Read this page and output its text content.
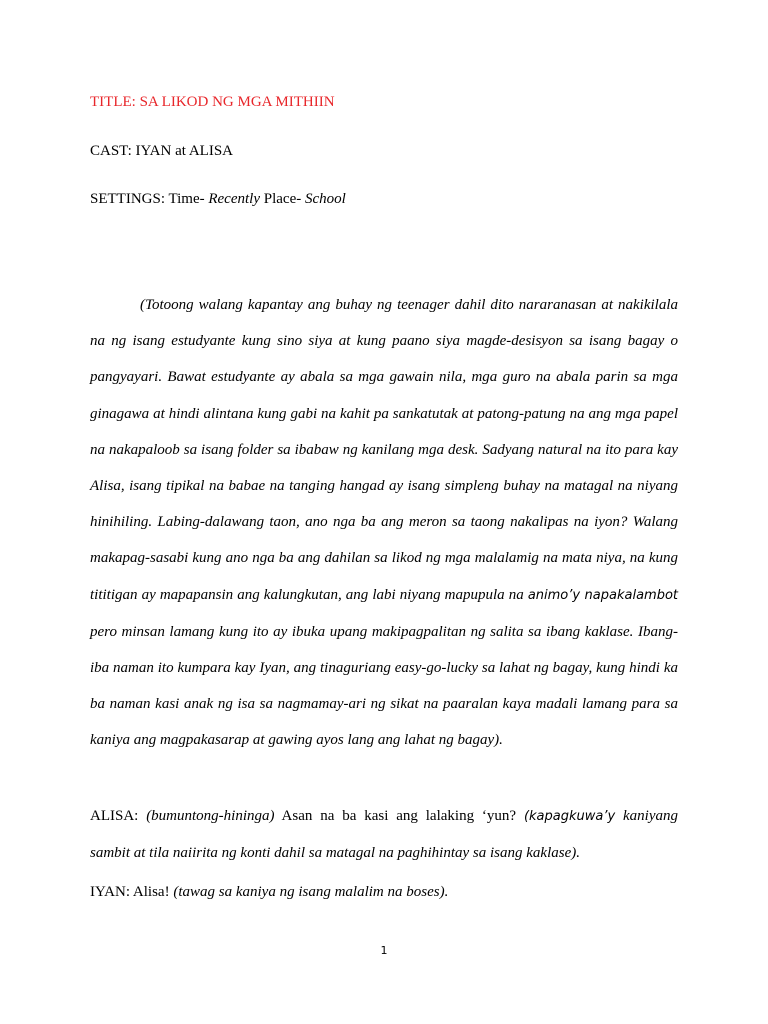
TITLE: SA LIKOD NG MGA MITHIIN

CAST: IYAN at ALISA

SETTINGS: Time- Recently Place- School

(Totoong walang kapantay ang buhay ng teenager dahil dito nararanasan at nakikilala na ng isang estudyante kung sino siya at kung paano siya magde-desisyon sa isang bagay o pangyayari. Bawat estudyante ay abala sa mga gawain nila, mga guro na abala parin sa mga ginagawa at hindi alintana kung gabi na kahit pa sankatutak at patong-patung na ang mga papel na nakapaloob sa isang folder sa ibabaw ng kanilang mga desk. Sadyang natural na ito para kay Alisa, isang tipikal na babae na tanging hangad ay isang simpleng buhay na matagal na niyang hinihiling. Labing-dalawang taon, ano nga ba ang meron sa taong nakalipas na iyon? Walang makapag-sasabi kung ano nga ba ang dahilan sa likod ng mga malalamig na mata niya, na kung tititigan ay mapapansin ang kalungkutan, ang labi niyang mapupula na animo’y napakalambot pero minsan lamang kung ito ay ibuka upang makipagpalitan ng salita sa ibang kaklase. Ibang-iba naman ito kumpara kay Iyan, ang tinaguriang easy-go-lucky sa lahat ng bagay, kung hindi ka ba naman kasi anak ng isa sa nagmamay-ari ng sikat na paaralan kaya madali lamang para sa kaniya ang magpakasarap at gawing ayos lang ang lahat ng bagay).

ALISA: (bumuntong-hininga) Asan na ba kasi ang lalaking ‘yun? (kapagkuwa’y kaniyang sambit at tila naiirita ng konti dahil sa matagal na paghihintay sa isang kaklase).

IYAN: Alisa! (tawag sa kaniya ng isang malalim na boses).

1
